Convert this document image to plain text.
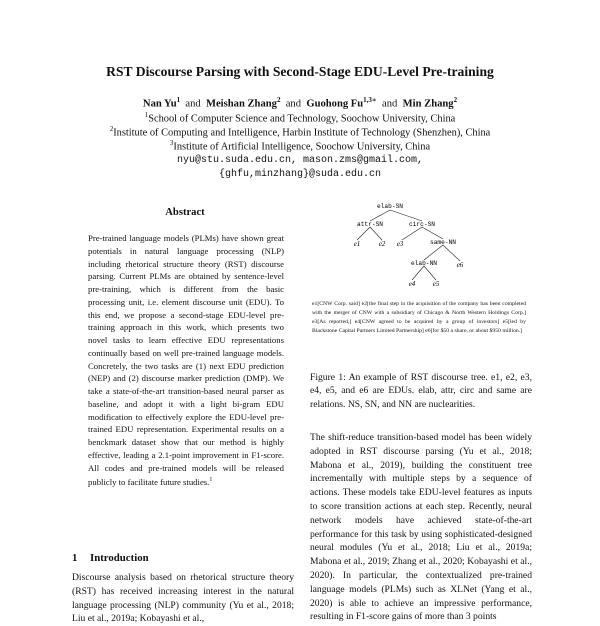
RST Discourse Parsing with Second-Stage EDU-Level Pre-training
Nan Yu$^1$ and Meishan Zhang$^2$ and Guohong $Fu^{1,3∗}$ and Min Zhang$^2$
$^1$School of Computer Science and Technology, Soochow University, China
$^2$Institute of Computing and Intelligence, Harbin Institute of Technology (Shenzhen), China
$^3$Institute of Artificial Intelligence, Soochow University, China
nyu@stu.suda.edu.cn, mason.zms@gmail.com,
{ghfu,minzhang}@suda.edu.cn
Abstract
Pre-trained language models (PLMs) have shown great potentials in natural language processing (NLP) including rhetorical structure theory (RST) discourse parsing. Current PLMs are obtained by sentence-level pre-training, which is different from the basic processing unit, i.e. element discourse unit (EDU). To this end, we propose a second-stage EDU-level pre-training approach in this work, which presents two novel tasks to learn effective EDU representations continually based on well pre-trained language models. Concretely, the two tasks are (1) next EDU prediction (NEP) and (2) discourse marker prediction (DMP). We take a state-of-the-art transition-based neural parser as baseline, and adopt it with a light bi-gram EDU modification to effectively explore the EDU-level pre-trained EDU representation. Experimental results on a benckmark dataset show that our method is highly effective, leading a 2.1-point improvement in F1-score. All codes and pre-trained models will be released publicly to facilitate future studies.$^1$
1 Introduction
Discourse analysis based on rhetorical structure theory (RST) has received increasing interest in the natural language processing (NLP) community (Yu et al., 2018; Liu et al., 2019a; Kobayashi et al.,
elab-SN
attr-SN	circ-SN
same-NN
elab-NN
e1	e2 e3
e4 e5
e6
e1[CNW Corp. said] e2[the final step in the acquisition of the company has been completed with the merger of CNW with a subsidiary of Chicago & North Western Holdings Corp.] e3[As reported,] e4[CNW agreed to be acquired by a group of investors] e5[led by Blackstone Capital Partners Limited Partnership] e6[for $50 a share, or about $950 million.]
Figure 1: An example of RST discourse tree. e1, e2, e3, e4, e5, and e6 are EDUs. elab, attr, circ and same are relations. NS, SN, and NN are nuclearities.
The shift-reduce transition-based model has been widely adopted in RST discourse parsing (Yu et al., 2018; Mabona et al., 2019), building the constituent tree incrementally with multiple steps by a sequence of actions. These models take EDU-level features as inputs to score transition actions at each step. Recently, neural network models have achieved state-of-the-art performance for this task by using sophisticated-designed neural modules (Yu et al., 2018; Liu et al., 2019a; Mabona et al., 2019; Zhang et al., 2020; Kobayashi et al., 2020). In particular, the contextualized pre-trained language models (PLMs) such as XLNet (Yang et al., 2020) is able to achieve an impressive performance, resulting in F1-score gains of more than 3 points
